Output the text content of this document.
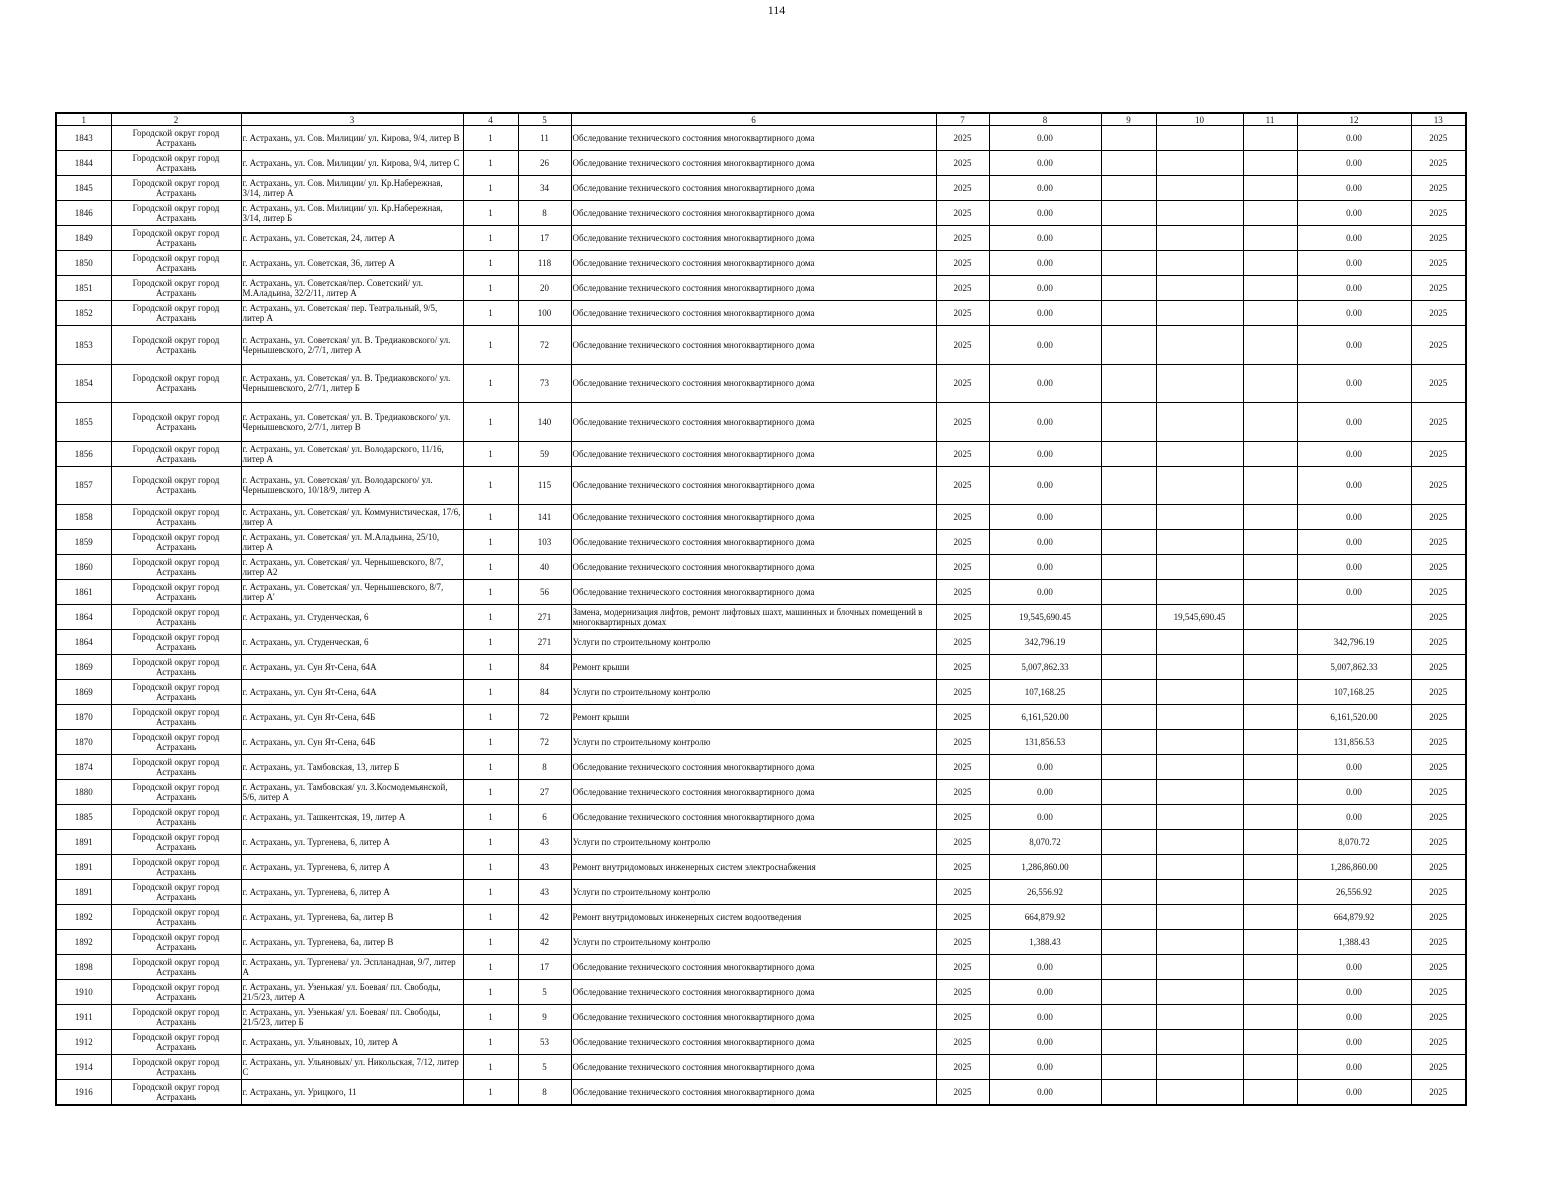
114
1	2	3	4	5	6	7	8	9	10	11	12	13
1843	Городской округ город Астрахань	г. Астрахань, ул. Сов. Милиции/ ул. Кирова, 9/4, литер В	1	11	Обследование технического состояния многоквартирного дома	2025	0.00				0.00	2025
1844	Городской округ город Астрахань	г. Астрахань, ул. Сов. Милиции/ ул. Кирова, 9/4, литер С	1	26	Обследование технического состояния многоквартирного дома	2025	0.00				0.00	2025
1845	Городской округ город Астрахань	г. Астрахань, ул. Сов. Милиции/ ул. Кр.Набережная, 3/14, литер А	1	34	Обследование технического состояния многоквартирного дома	2025	0.00				0.00	2025
1846	Городской округ город Астрахань	г. Астрахань, ул. Сов. Милиции/ ул. Кр.Набережная, 3/14, литер Б	1	8	Обследование технического состояния многоквартирного дома	2025	0.00				0.00	2025
1849	Городской округ город Астрахань	г. Астрахань, ул. Советская, 24, литер А	1	17	Обследование технического состояния многоквартирного дома	2025	0.00				0.00	2025
1850	Городской округ город Астрахань	г. Астрахань, ул. Советская, 36, литер А	1	118	Обследование технического состояния многоквартирного дома	2025	0.00				0.00	2025
1851	Городской округ город Астрахань	г. Астрахань, ул. Советская/пер. Советский/ ул. М.Аладьина, 32/2/11, литер А	1	20	Обследование технического состояния многоквартирного дома	2025	0.00				0.00	2025
1852	Городской округ город Астрахань	г. Астрахань, ул. Советская/ пер. Театральный, 9/5, литер А	1	100	Обследование технического состояния многоквартирного дома	2025	0.00				0.00	2025
1853	Городской округ город Астрахань	г. Астрахань, ул. Советская/ ул. В. Тредиаковского/ ул. Чернышевского, 2/7/1, литер А	1	72	Обследование технического состояния многоквартирного дома	2025	0.00				0.00	2025
1854	Городской округ город Астрахань	г. Астрахань, ул. Советская/ ул. В. Тредиаковского/ ул. Чернышевского, 2/7/1, литер Б	1	73	Обследование технического состояния многоквартирного дома	2025	0.00				0.00	2025
1855	Городской округ город Астрахань	г. Астрахань, ул. Советская/ ул. В. Тредиаковского/ ул. Чернышевского, 2/7/1, литер В	1	140	Обследование технического состояния многоквартирного дома	2025	0.00				0.00	2025
1856	Городской округ город Астрахань	г. Астрахань, ул. Советская/ ул. Володарского, 11/16, литер А	1	59	Обследование технического состояния многоквартирного дома	2025	0.00				0.00	2025
1857	Городской округ город Астрахань	г. Астрахань, ул. Советская/ ул. Володарского/ ул. Чернышевского, 10/18/9, литер А	1	115	Обследование технического состояния многоквартирного дома	2025	0.00				0.00	2025
1858	Городской округ город Астрахань	г. Астрахань, ул. Советская/ ул. Коммунистическая, 17/6, литер А	1	141	Обследование технического состояния многоквартирного дома	2025	0.00				0.00	2025
1859	Городской округ город Астрахань	г. Астрахань, ул. Советская/ ул. М.Аладьина, 25/10, литер А	1	103	Обследование технического состояния многоквартирного дома	2025	0.00				0.00	2025
1860	Городской округ город Астрахань	г. Астрахань, ул. Советская/ ул. Чернышевского, 8/7, литер А2	1	40	Обследование технического состояния многоквартирного дома	2025	0.00				0.00	2025
1861	Городской округ город Астрахань	г. Астрахань, ул. Советская/ ул. Чернышевского, 8/7, литер А'	1	56	Обследование технического состояния многоквартирного дома	2025	0.00				0.00	2025
1864	Городской округ город Астрахань	г. Астрахань, ул. Студенческая, 6	1	271	Замена, модернизация лифтов, ремонт лифтовых шахт, машинных и блочных помещений в многоквартирных домах	2025	19,545,690.45		19,545,690.45			2025
1864	Городской округ город Астрахань	г. Астрахань, ул. Студенческая, 6	1	271	Услуги по строительному контролю	2025	342,796.19				342,796.19	2025
1869	Городской округ город Астрахань	г. Астрахань, ул. Сун Ят-Сена, 64А	1	84	Ремонт крыши	2025	5,007,862.33				5,007,862.33	2025
1869	Городской округ город Астрахань	г. Астрахань, ул. Сун Ят-Сена, 64А	1	84	Услуги по строительному контролю	2025	107,168.25				107,168.25	2025
1870	Городской округ город Астрахань	г. Астрахань, ул. Сун Ят-Сена, 64Б	1	72	Ремонт крыши	2025	6,161,520.00				6,161,520.00	2025
1870	Городской округ город Астрахань	г. Астрахань, ул. Сун Ят-Сена, 64Б	1	72	Услуги по строительному контролю	2025	131,856.53				131,856.53	2025
1874	Городской округ город Астрахань	г. Астрахань, ул. Тамбовская, 13, литер Б	1	8	Обследование технического состояния многоквартирного дома	2025	0.00				0.00	2025
1880	Городской округ город Астрахань	г. Астрахань, ул. Тамбовская/ ул. З.Космодемьянской, 5/6, литер А	1	27	Обследование технического состояния многоквартирного дома	2025	0.00				0.00	2025
1885	Городской округ город Астрахань	г. Астрахань, ул. Ташкентская, 19, литер А	1	6	Обследование технического состояния многоквартирного дома	2025	0.00				0.00	2025
1891	Городской округ город Астрахань	г. Астрахань, ул. Тургенева, 6, литер А	1	43	Услуги по строительному контролю	2025	8,070.72				8,070.72	2025
1891	Городской округ город Астрахань	г. Астрахань, ул. Тургенева, 6, литер А	1	43	Ремонт внутридомовых инженерных систем электроснабжения	2025	1,286,860.00				1,286,860.00	2025
1891	Городской округ город Астрахань	г. Астрахань, ул. Тургенева, 6, литер А	1	43	Услуги по строительному контролю	2025	26,556.92				26,556.92	2025
1892	Городской округ город Астрахань	г. Астрахань, ул. Тургенева, 6а, литер В	1	42	Ремонт внутридомовых инженерных систем водоотведения	2025	664,879.92				664,879.92	2025
1892	Городской округ город Астрахань	г. Астрахань, ул. Тургенева, 6а, литер В	1	42	Услуги по строительному контролю	2025	1,388.43				1,388.43	2025
1898	Городской округ город Астрахань	г. Астрахань, ул. Тургенева/ ул. Эспланадная, 9/7, литер А	1	17	Обследование технического состояния многоквартирного дома	2025	0.00				0.00	2025
1910	Городской округ город Астрахань	г. Астрахань, ул. Узенькая/ ул. Боевая/ пл. Свободы, 21/5/23, литер А	1	5	Обследование технического состояния многоквартирного дома	2025	0.00				0.00	2025
1911	Городской округ город Астрахань	г. Астрахань, ул. Узенькая/ ул. Боевая/ пл. Свободы, 21/5/23, литер Б	1	9	Обследование технического состояния многоквартирного дома	2025	0.00				0.00	2025
1912	Городской округ город Астрахань	г. Астрахань, ул. Ульяновых, 10, литер А	1	53	Обследование технического состояния многоквартирного дома	2025	0.00				0.00	2025
1914	Городской округ город Астрахань	г. Астрахань, ул. Ульяновых/ ул. Никольская, 7/12, литер С	1	5	Обследование технического состояния многоквартирного дома	2025	0.00				0.00	2025
1916	Городской округ город Астрахань	г. Астрахань, ул. Урицкого, 11	1	8	Обследование технического состояния многоквартирного дома	2025	0.00				0.00	2025
